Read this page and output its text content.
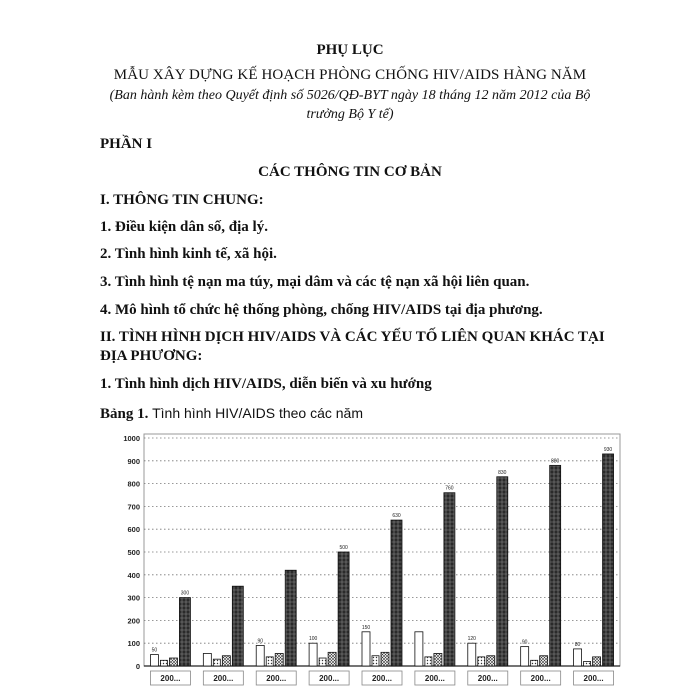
PHỤ LỤC
MẪU XÂY DỰNG KẾ HOẠCH PHÒNG CHỐNG HIV/AIDS HÀNG NĂM
(Ban hành kèm theo Quyết định số 5026/QĐ-BYT ngày 18 tháng 12 năm 2012 của Bộ
trưởng Bộ Y tế)
PHẦN I
CÁC THÔNG TIN CƠ BẢN
I. THÔNG TIN CHUNG:
1. Điều kiện dân số, địa lý.
2. Tình hình kinh tế, xã hội.
3. Tình hình tệ nạn ma túy, mại dâm và các tệ nạn xã hội liên quan.
4. Mô hình tổ chức hệ thống phòng, chống HIV/AIDS tại địa phương.
II. TÌNH HÌNH DỊCH HIV/AIDS VÀ CÁC YẾU TỐ LIÊN QUAN KHÁC TẠI ĐỊA PHƯƠNG:
1. Tình hình dịch HIV/AIDS, diễn biến và xu hướng
Bảng 1. Tình hình HIV/AIDS theo các năm
0
100
200
300
400
500
600
700
800
900
1000
50
300
200...	200...
90
200...
100
500
200...
150
630
200...
760
200...
120
830
200...
90
880
200...
80
930
200...
